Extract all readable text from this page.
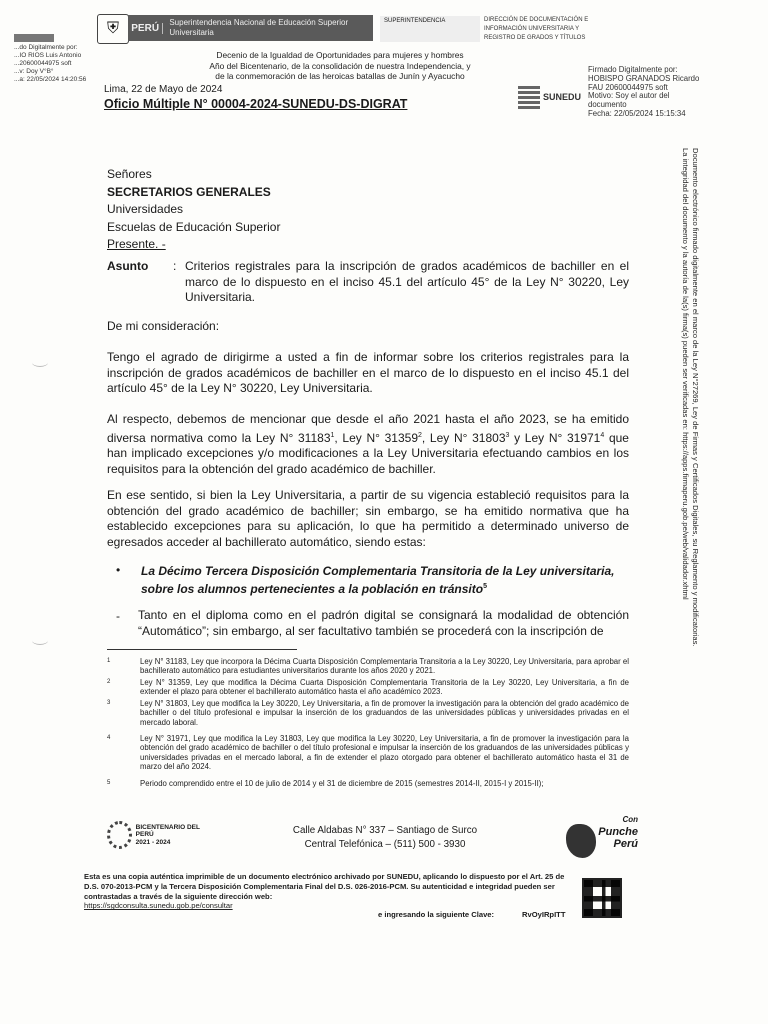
...do Digitalmente por:
...IO RIOS Luis Antonio
...20600044975 soft
...v: Doy V°B°
...a: 22/05/2024 14:20:56
⛨	PERÚ	Superintendencia Nacional de Educación Superior Universitaria
SUPERINTENDENCIA	DIRECCIÓN DE DOCUMENTACIÓN E INFORMACIÓN UNIVERSITARIA Y REGISTRO DE GRADOS Y TÍTULOS
Decenio de la Igualdad de Oportunidades para mujeres y hombres
Año del Bicentenario, de la consolidación de nuestra Independencia, y
de la conmemoración de las heroicas batallas de Junín y Ayacucho
Lima, 22 de Mayo de 2024
Oficio Múltiple N° 00004-2024-SUNEDU-DS-DIGRAT	SUNEDU
Firmado Digitalmente por:
HOBISPO GRANADOS Ricardo
FAU 20600044975 soft
Motivo: Soy el autor del
documento
Fecha: 22/05/2024 15:15:34
Documento electrónico firmado digitalmente en el marco de la Ley N°27269, Ley de Firmas y Certificados Digitales, su Reglamento y modificatorias.
La integridad del documento y la autoría de la(s) firma(s) pueden ser verificadas en: https://apps.firmaperu.gob.pe/web/validador.xhtml
Señores
SECRETARIOS GENERALES
Universidades
Escuelas de Educación Superior
Presente. -
Asunto : Criterios registrales para la inscripción de grados académicos de bachiller en el marco de lo dispuesto en el inciso 45.1 del artículo 45° de la Ley N° 30220, Ley Universitaria.
De mi consideración:
Tengo el agrado de dirigirme a usted a fin de informar sobre los criterios registrales para la inscripción de grados académicos de bachiller en el marco de lo dispuesto en el inciso 45.1 del artículo 45° de la Ley N° 30220, Ley Universitaria.
Al respecto, debemos de mencionar que desde el año 2021 hasta el año 2023, se ha emitido diversa normativa como la Ley N° 31183$^1$, Ley N° 31359$^2$, Ley N° 31803$^3$ y Ley N° 31971$^4$ que han implicado excepciones y/o modificaciones a la Ley Universitaria efectuando cambios en los requisitos para la obtención del grado académico de bachiller.
En ese sentido, si bien la Ley Universitaria, a partir de su vigencia estableció requisitos para la obtención del grado académico de bachiller; sin embargo, se ha emitido normativa que ha establecido excepciones para su aplicación, lo que ha permitido a determinado universo de egresados acceder al bachillerato automático, siendo estas:
• La Décimo Tercera Disposición Complementaria Transitoria de la Ley universitaria, sobre los alumnos pertenecientes a la población en tránsito$^5$
- Tanto en el diploma como en el padrón digital se consignará la modalidad de obtención “Automático”; sin embargo, al ser facultativo también se procederá con la inscripción de
1	Ley N° 31183, Ley que incorpora la Décima Cuarta Disposición Complementaria Transitoria a la Ley 30220, Ley Universitaria, para aprobar el bachillerato automático para estudiantes universitarios durante los años 2020 y 2021.
2	Ley N° 31359, Ley que modifica la Décima Cuarta Disposición Complementaria Transitoria de la Ley 30220, Ley Universitaria, a fin de extender el plazo para obtener el bachillerato automático hasta el año académico 2023.
3	Ley N° 31803, Ley que modifica la Ley 30220, Ley Universitaria, a fin de promover la investigación para la obtención del grado académico de bachiller o del título profesional e impulsar la inserción de los graduandos de las universidades públicas y universidades privadas en el mercado laboral.
4	Ley N° 31971, Ley que modifica la Ley 31803, Ley que modifica la Ley 30220, Ley Universitaria, a fin de promover la investigación para la obtención del grado académico de bachiller o del título profesional e impulsar la inserción de los graduandos de las universidades públicas y universidades privadas en el mercado laboral, a fin de extender el plazo otorgado para obtener el bachillerato automático hasta el 31 de marzo del año 2024.
5	Periodo comprendido entre el 10 de julio de 2014 y el 31 de diciembre de 2015 (semestres 2014-II, 2015-I y 2015-II);
BICENTENARIO DEL PERÚ
2021 - 2024
Calle Aldabas N° 337 – Santiago de Surco
Central Telefónica – (511) 500 - 3930
Con
Punche
Perú
Esta es una copia auténtica imprimible de un documento electrónico archivado por SUNEDU, aplicando lo dispuesto por el Art. 25 de D.S. 070-2013-PCM y la Tercera Disposición Complementaria Final del D.S. 026-2016-PCM. Su autenticidad e integridad pueden ser contrastadas a través de la siguiente dirección web:
https://sgdconsulta.sunedu.gob.pe/consultar
e ingresando la siguiente Clave:	RvOyIRpITT
